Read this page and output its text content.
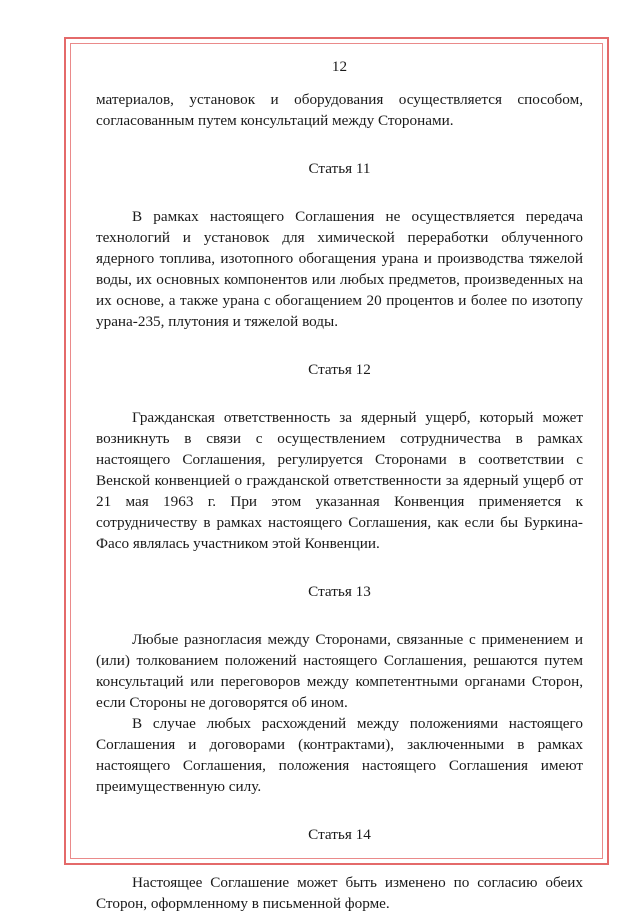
12

материалов, установок и оборудования осуществляется способом, согласованным путем консультаций между Сторонами.

Статья 11

В рамках настоящего Соглашения не осуществляется передача технологий и установок для химической переработки облученного ядерного топлива, изотопного обогащения урана и производства тяжелой воды, их основных компонентов или любых предметов, произведенных на их основе, а также урана с обогащением 20 процентов и более по изотопу урана-235, плутония и тяжелой воды.

Статья 12

Гражданская ответственность за ядерный ущерб, который может возникнуть в связи с осуществлением сотрудничества в рамках настоящего Соглашения, регулируется Сторонами в соответствии с Венской конвенцией о гражданской ответственности за ядерный ущерб от 21 мая 1963 г. При этом указанная Конвенция применяется к сотрудничеству в рамках настоящего Соглашения, как если бы Буркина-Фасо являлась участником этой Конвенции.

Статья 13

Любые разногласия между Сторонами, связанные с применением и (или) толкованием положений настоящего Соглашения, решаются путем консультаций или переговоров между компетентными органами Сторон, если Стороны не договорятся об ином.

В случае любых расхождений между положениями настоящего Соглашения и договорами (контрактами), заключенными в рамках настоящего Соглашения, положения настоящего Соглашения имеют преимущественную силу.

Статья 14

Настоящее Соглашение может быть изменено по согласию обеих Сторон, оформленному в письменной форме.
